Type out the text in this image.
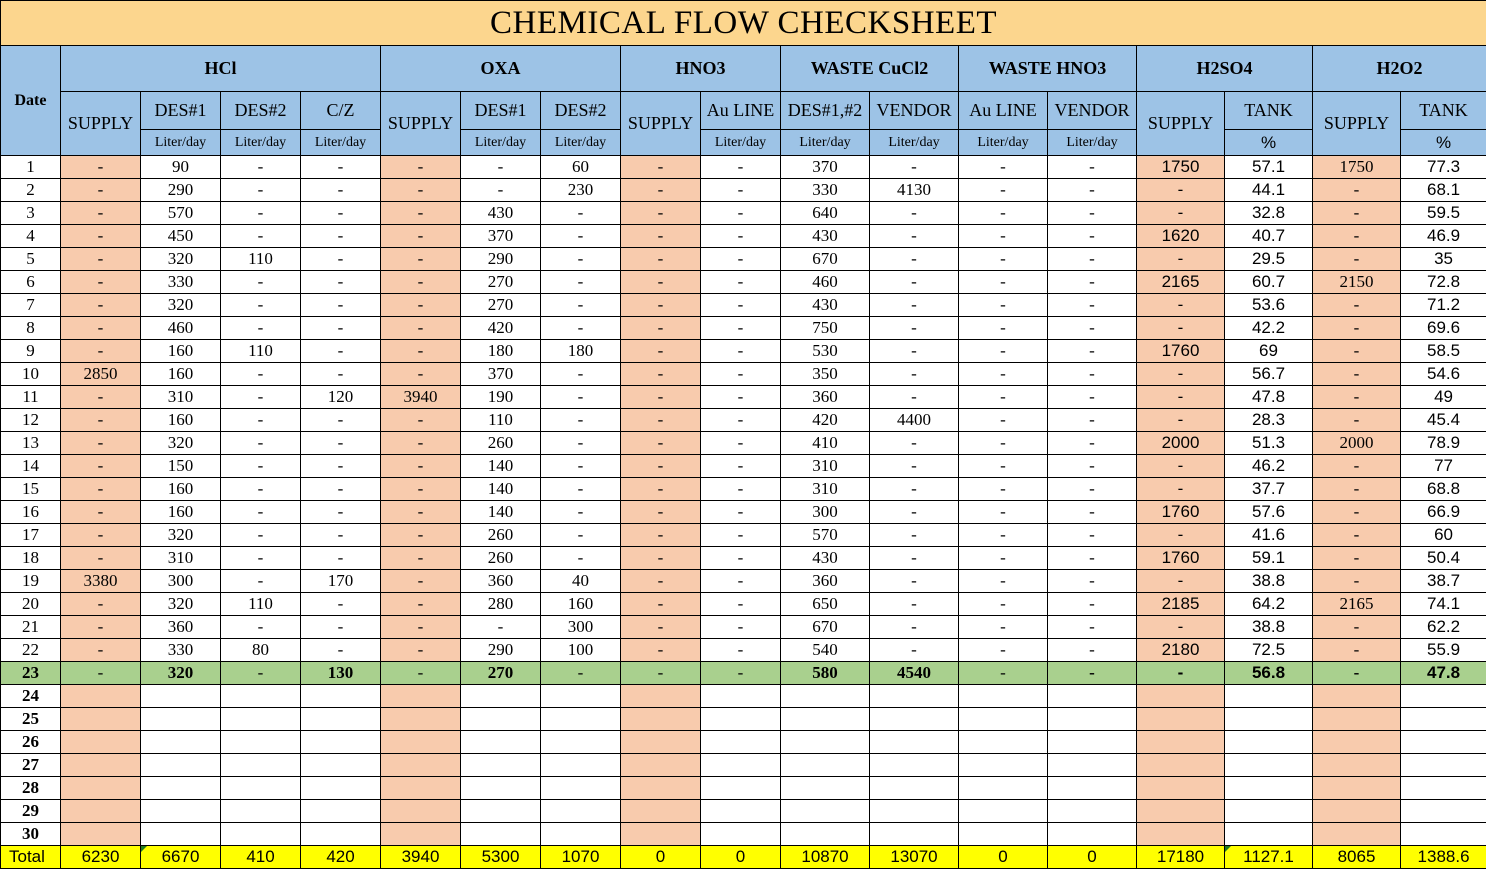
CHEMICAL FLOW CHECKSHEET																	
Date	HCl				OXA			HNO3		WASTE CuCl2		WASTE HNO3		H2SO4		H2O2	
	SUPPLY	DES#1	DES#2	C/Z	SUPPLY	DES#1	DES#2	SUPPLY	Au LINE	DES#1,#2	VENDOR	Au LINE	VENDOR	SUPPLY	TANK	SUPPLY	TANK
		Liter/day	Liter/day	Liter/day		Liter/day	Liter/day		Liter/day	Liter/day	Liter/day	Liter/day	Liter/day		%		%
1	-	90	-	-	-	-	60	-	-	370	-	-	-	1750	57.1	1750	77.3
2	-	290	-	-	-	-	230	-	-	330	4130	-	-	-	44.1	-	68.1
3	-	570	-	-	-	430	-	-	-	640	-	-	-	-	32.8	-	59.5
4	-	450	-	-	-	370	-	-	-	430	-	-	-	1620	40.7	-	46.9
5	-	320	110	-	-	290	-	-	-	670	-	-	-	-	29.5	-	35
6	-	330	-	-	-	270	-	-	-	460	-	-	-	2165	60.7	2150	72.8
7	-	320	-	-	-	270	-	-	-	430	-	-	-	-	53.6	-	71.2
8	-	460	-	-	-	420	-	-	-	750	-	-	-	-	42.2	-	69.6
9	-	160	110	-	-	180	180	-	-	530	-	-	-	1760	69	-	58.5
10	2850	160	-	-	-	370	-	-	-	350	-	-	-	-	56.7	-	54.6
11	-	310	-	120	3940	190	-	-	-	360	-	-	-	-	47.8	-	49
12	-	160	-	-	-	110	-	-	-	420	4400	-	-	-	28.3	-	45.4
13	-	320	-	-	-	260	-	-	-	410	-	-	-	2000	51.3	2000	78.9
14	-	150	-	-	-	140	-	-	-	310	-	-	-	-	46.2	-	77
15	-	160	-	-	-	140	-	-	-	310	-	-	-	-	37.7	-	68.8
16	-	160	-	-	-	140	-	-	-	300	-	-	-	1760	57.6	-	66.9
17	-	320	-	-	-	260	-	-	-	570	-	-	-	-	41.6	-	60
18	-	310	-	-	-	260	-	-	-	430	-	-	-	1760	59.1	-	50.4
19	3380	300	-	170	-	360	40	-	-	360	-	-	-	-	38.8	-	38.7
20	-	320	110	-	-	280	160	-	-	650	-	-	-	2185	64.2	2165	74.1
21	-	360	-	-	-	-	300	-	-	670	-	-	-	-	38.8	-	62.2
22	-	330	80	-	-	290	100	-	-	540	-	-	-	2180	72.5	-	55.9
23	-	320	-	130	-	270	-	-	-	580	4540	-	-	-	56.8	-	47.8
24																	
25																	
26																	
27																	
28																	
29																	
30																	
Total	6230	6670	410	420	3940	5300	1070	0	0	10870	13070	0	0	17180	1127.1	8065	1388.6
